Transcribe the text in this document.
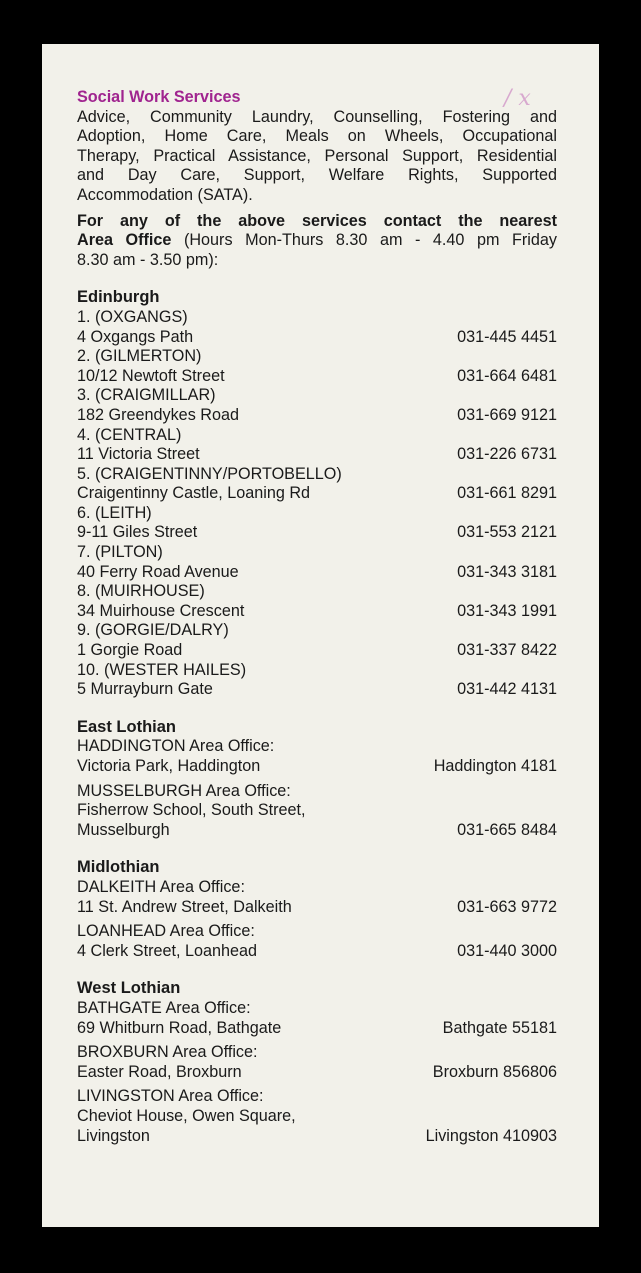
/ x
Social Work Services
Advice, Community Laundry, Counselling, Fostering and
Adoption, Home Care, Meals on Wheels, Occupational
Therapy, Practical Assistance, Personal Support, Residential
and Day Care, Support, Welfare Rights, Supported
Accommodation (SATA).
For any of the above services contact the nearest
Area Office (Hours Mon-Thurs 8.30 am - 4.40 pm Friday
8.30 am - 3.50 pm):
Edinburgh
1. (OXGANGS)
4 Oxgangs Path	031-445 4451
2. (GILMERTON)
10/12 Newtoft Street	031-664 6481
3. (CRAIGMILLAR)
182 Greendykes Road	031-669 9121
4. (CENTRAL)
11 Victoria Street	031-226 6731
5. (CRAIGENTINNY/PORTOBELLO)
Craigentinny Castle, Loaning Rd	031-661 8291
6. (LEITH)
9-11 Giles Street	031-553 2121
7. (PILTON)
40 Ferry Road Avenue	031-343 3181
8. (MUIRHOUSE)
34 Muirhouse Crescent	031-343 1991
9. (GORGIE/DALRY)
1 Gorgie Road	031-337 8422
10. (WESTER HAILES)
5 Murrayburn Gate	031-442 4131
East Lothian
HADDINGTON Area Office:
Victoria Park, Haddington	Haddington 4181
MUSSELBURGH Area Office:
Fisherrow School, South Street,
Musselburgh	031-665 8484
Midlothian
DALKEITH Area Office:
11 St. Andrew Street, Dalkeith	031-663 9772
LOANHEAD Area Office:
4 Clerk Street, Loanhead	031-440 3000
West Lothian
BATHGATE Area Office:
69 Whitburn Road, Bathgate	Bathgate 55181
BROXBURN Area Office:
Easter Road, Broxburn	Broxburn 856806
LIVINGSTON Area Office:
Cheviot House, Owen Square,
Livingston	Livingston 410903
